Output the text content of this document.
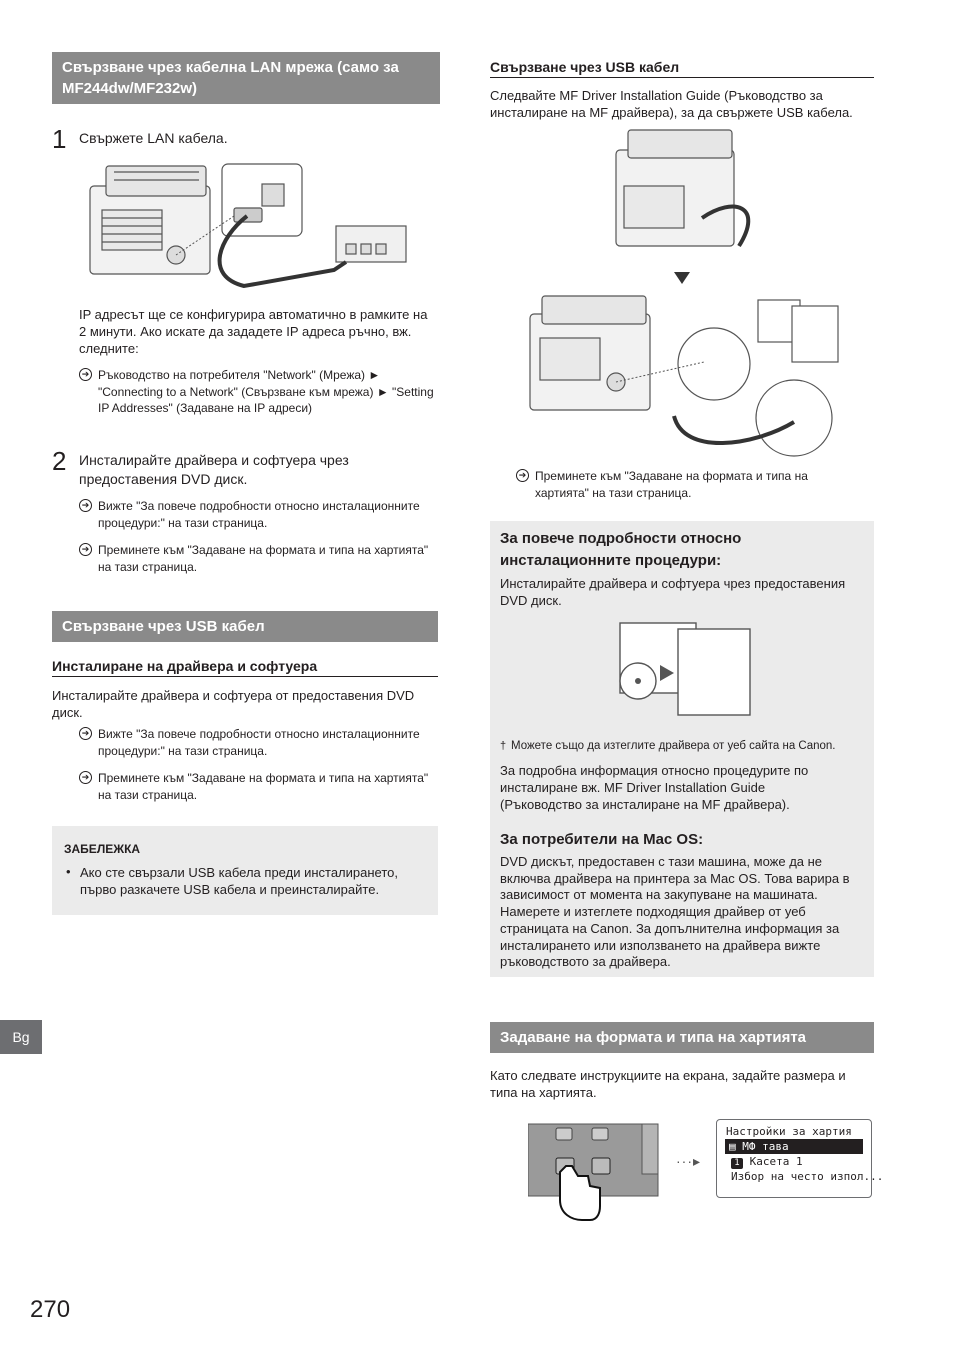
Свързване чрез кабелна LAN мрежа (само за MF244dw/MF232w)
1 Свържете LAN кабела.
IP адресът ще се конфигурира автоматично в рамките на 2 минути. Ако искате да зададете IP адреса ръчно, вж. следните:
➔ Ръководство на потребителя "Network" (Мрежа) ► "Connecting to a Network" (Свързване към мрежа) ► "Setting IP Addresses" (Задаване на IP адреси)
2 Инсталирайте драйвера и софтуера чрез предоставения DVD диск.
➔ Вижте "За повече подробности относно инсталационните процедури:" на тази страница.
➔ Преминете към "Задаване на формата и типа на хартията" на тази страница.
Свързване чрез USB кабел
Инсталиране на драйвера и софтуера
Инсталирайте драйвера и софтуера от предоставения DVD диск.
➔ Вижте "За повече подробности относно инсталационните процедури:" на тази страница.
➔ Преминете към "Задаване на формата и типа на хартията" на тази страница.
ЗАБЕЛЕЖКА
• Ако сте свързали USB кабела преди инсталирането, първо разкачете USB кабела и преинсталирайте.
Bg
270
Свързване чрез USB кабел
Следвайте MF Driver Installation Guide (Ръководство за инсталиране на MF драйвера), за да свържете USB кабела.
➔ Преминете към "Задаване на формата и типа на хартията" на тази страница.
За повече подробности относно инсталационните процедури:
Инсталирайте драйвера и софтуера чрез предоставения DVD диск.
† Можете също да изтеглите драйвера от уеб сайта на Canon.
За подробна информация относно процедурите по инсталиране вж. MF Driver Installation Guide (Ръководство за инсталиране на MF драйвера).
За потребители на Mac OS:
DVD дискът, предоставен с тази машина, може да не включва драйвера на принтера за Mac OS. Това варира в зависимост от момента на закупуване на машината. Намерете и изтеглете подходящия драйвер от уеб страницата на Canon. За допълнителна информация за инсталирането или използването на драйвера вижте ръководството за драйвера.
Задаване на формата и типа на хартията
Като следвате инструкциите на екрана, задайте размера и типа на хартията.
···▸
Настройки за хартия
▤ МФ тава
1 Касета 1
Избор на често изпол...
